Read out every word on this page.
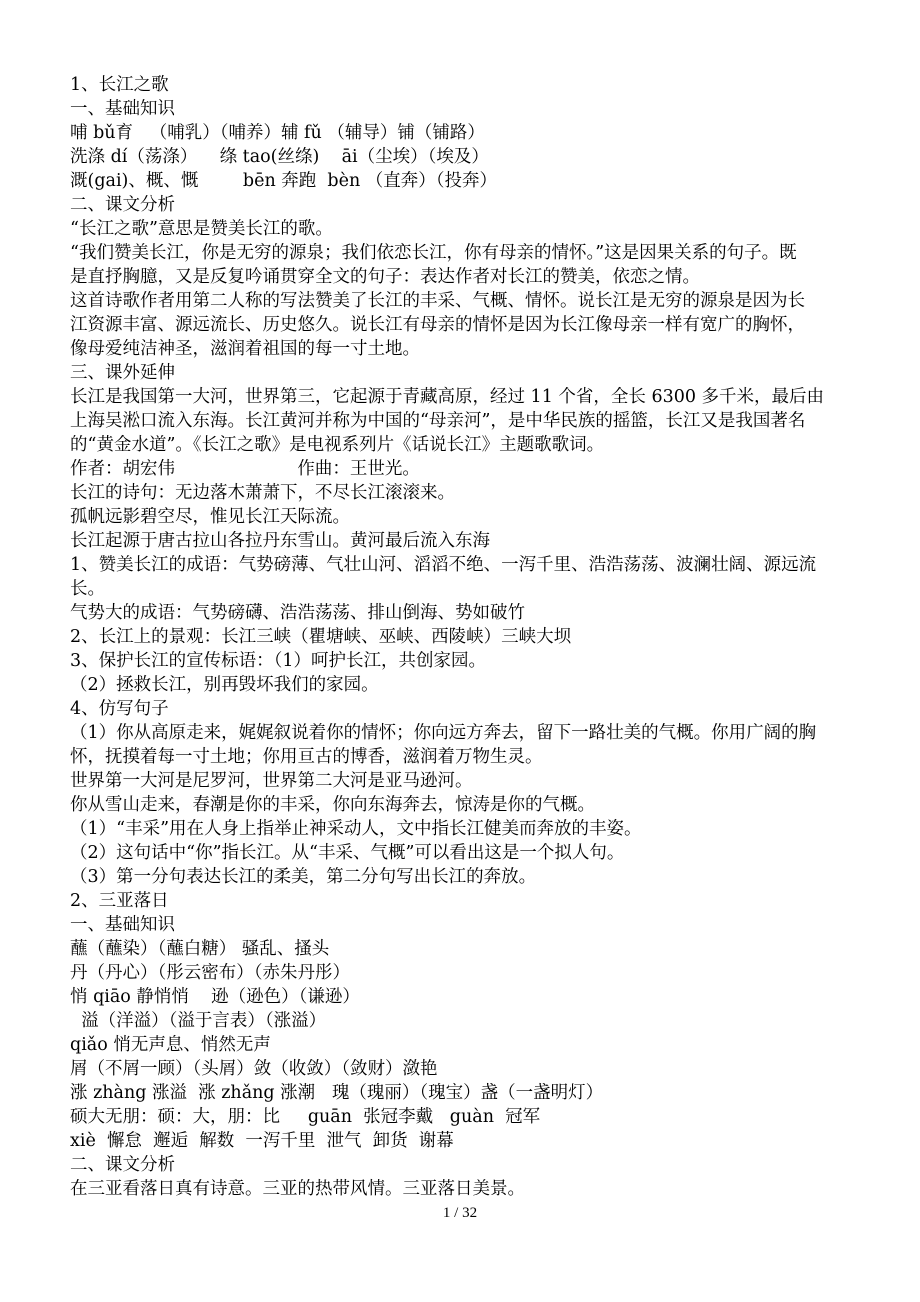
1、长江之歌
一、基础知识
哺 bǔ育   （哺乳）（哺养）辅 fǔ （辅导）铺（铺路）
洗涤 dí（荡涤）    绦 tao(丝绦)    āi（尘埃）（埃及）
溉(gai)、概、慨        bēn 奔跑  bèn （直奔）（投奔）
二、课文分析
“长江之歌”意思是赞美长江的歌。
“我们赞美长江，你是无穷的源泉；我们依恋长江，你有母亲的情怀。”这是因果关系的句子。既
是直抒胸臆，又是反复吟诵贯穿全文的句子：表达作者对长江的赞美，依恋之情。
这首诗歌作者用第二人称的写法赞美了长江的丰采、气概、情怀。说长江是无穷的源泉是因为长
江资源丰富、源远流长、历史悠久。说长江有母亲的情怀是因为长江像母亲一样有宽广的胸怀，
像母爱纯洁神圣，滋润着祖国的每一寸土地。
三、课外延伸
长江是我国第一大河，世界第三，它起源于青藏高原，经过 11 个省，全长 6300 多千米，最后由
上海吴淞口流入东海。长江黄河并称为中国的“母亲河”，是中华民族的摇篮，长江又是我国著名
的“黄金水道”。《长江之歌》是电视系列片《话说长江》主题歌歌词。
作者：胡宏伟                      作曲：王世光。
长江的诗句：无边落木萧萧下，不尽长江滚滚来。
孤帆远影碧空尽，惟见长江天际流。
长江起源于唐古拉山各拉丹东雪山。黄河最后流入东海
1、赞美长江的成语：气势磅薄、气壮山河、滔滔不绝、一泻千里、浩浩荡荡、波澜壮阔、源远流
长。
气势大的成语：气势磅礴、浩浩荡荡、排山倒海、势如破竹
2、长江上的景观：长江三峡（瞿塘峡、巫峡、西陵峡）三峡大坝
3、保护长江的宣传标语：（1）呵护长江，共创家园。
（2）拯救长江，别再毁坏我们的家园。
4、仿写句子
（1）你从高原走来，娓娓叙说着你的情怀；你向远方奔去，留下一路壮美的气概。你用广阔的胸
怀，抚摸着每一寸土地；你用亘古的博香，滋润着万物生灵。
世界第一大河是尼罗河，世界第二大河是亚马逊河。
你从雪山走来，春潮是你的丰采，你向东海奔去，惊涛是你的气概。
（1）“丰采”用在人身上指举止神采动人，文中指长江健美而奔放的丰姿。
（2）这句话中“你”指长江。从“丰采、气概”可以看出这是一个拟人句。
（3）第一分句表达长江的柔美，第二分句写出长江的奔放。
2、三亚落日
一、基础知识
蘸（蘸染）（蘸白糖） 骚乱、搔头
丹（丹心）（彤云密布）（赤朱丹彤）
悄 qiāo 静悄悄    逊（逊色）（谦逊）
溢（洋溢）（溢于言表）（涨溢）
qiǎo 悄无声息、悄然无声
屑（不屑一顾）（头屑）敛（收敛）（敛财）潋艳
涨 zhàng 涨溢  涨 zhǎng 涨潮   瑰（瑰丽）（瑰宝）盏（一盏明灯）
硕大无朋：硕：大，朋：比     guān  张冠李戴   guàn  冠军
xiè  懈怠  邂逅  解数  一泻千里  泄气  卸货  谢幕
二、课文分析
在三亚看落日真有诗意。三亚的热带风情。三亚落日美景。
1 / 32
